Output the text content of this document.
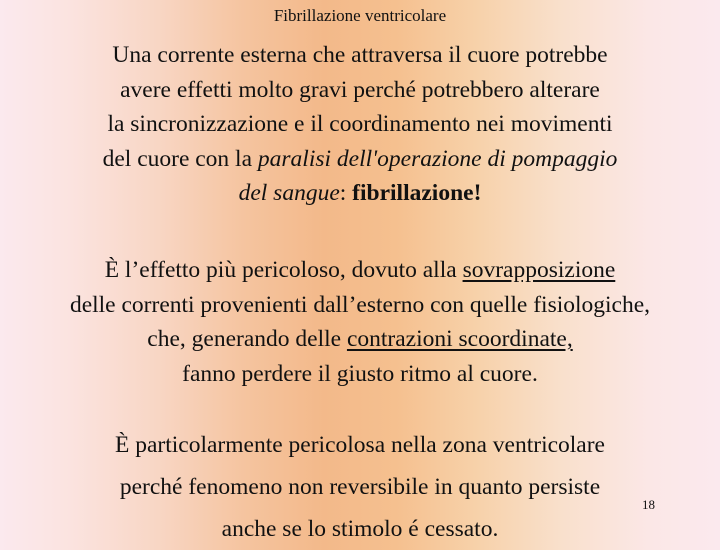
Fibrillazione ventricolare

Una corrente esterna che attraversa il cuore potrebbe
avere effetti molto gravi perché potrebbero alterare
la sincronizzazione e il coordinamento nei movimenti
del cuore con la paralisi dell'operazione di pompaggio
del sangue: fibrillazione!

È l’effetto più pericoloso, dovuto alla sovrapposizione
delle correnti provenienti dall’esterno con quelle fisiologiche,
che, generando delle contrazioni scoordinate,
fanno perdere il giusto ritmo al cuore.

È particolarmente pericolosa nella zona ventricolare
perché fenomeno non reversibile in quanto persiste
anche se lo stimolo é cessato.

18
